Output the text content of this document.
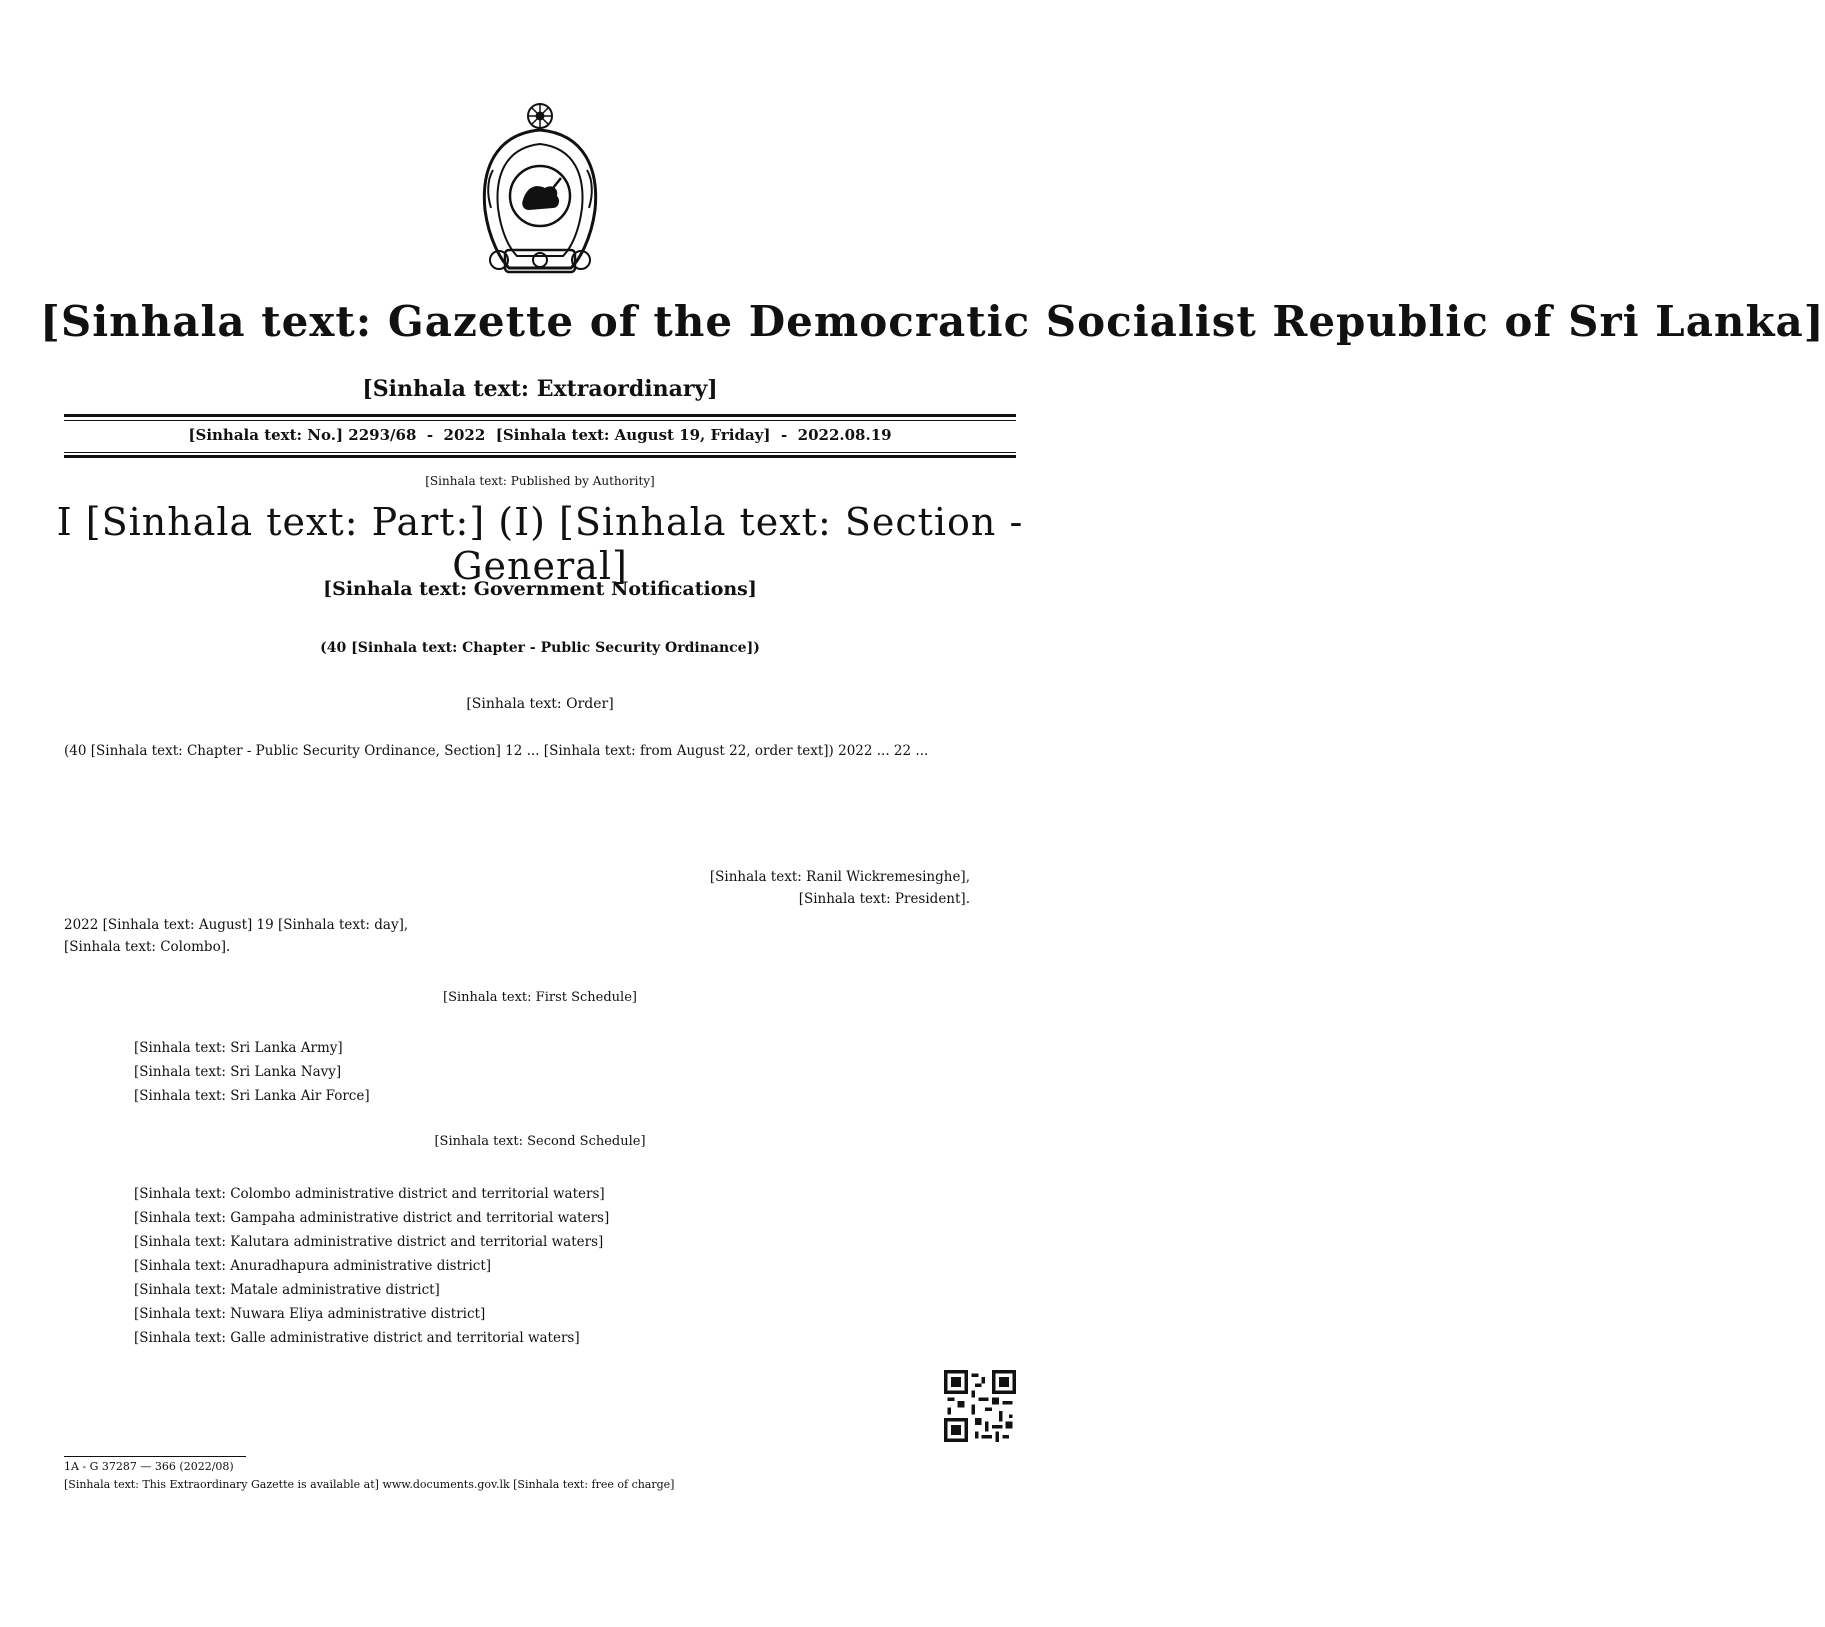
[Sinhala text: Gazette of the Democratic Socialist Republic of Sri Lanka]
[Sinhala text: Extraordinary]
[Sinhala text: No.] 2293/68 - 2022 [Sinhala text: August 19, Friday] - 2022.08.19
[Sinhala text: Published by Authority]
I [Sinhala text: Part:] (I) [Sinhala text: Section - General]
[Sinhala text: Government Notifications]
(40 [Sinhala text: Chapter - Public Security Ordinance])
[Sinhala text: Order]
(40 [Sinhala text: Chapter - Public Security Ordinance, Section] 12 ... [Sinhala text: from August 22, order text]) 2022 ... 22 ...
[Sinhala text: Ranil Wickremesinghe],
[Sinhala text: President].
2022 [Sinhala text: August] 19 [Sinhala text: day],
[Sinhala text: Colombo].
[Sinhala text: First Schedule]
[Sinhala text: Sri Lanka Army]
[Sinhala text: Sri Lanka Navy]
[Sinhala text: Sri Lanka Air Force]
[Sinhala text: Second Schedule]
[Sinhala text: Colombo administrative district and territorial waters]
[Sinhala text: Gampaha administrative district and territorial waters]
[Sinhala text: Kalutara administrative district and territorial waters]
[Sinhala text: Anuradhapura administrative district]
[Sinhala text: Matale administrative district]
[Sinhala text: Nuwara Eliya administrative district]
[Sinhala text: Galle administrative district and territorial waters]
1A - G 37287 — 366 (2022/08)
[Sinhala text: This Extraordinary Gazette is available at] www.documents.gov.lk [Sinhala text: free of charge]
